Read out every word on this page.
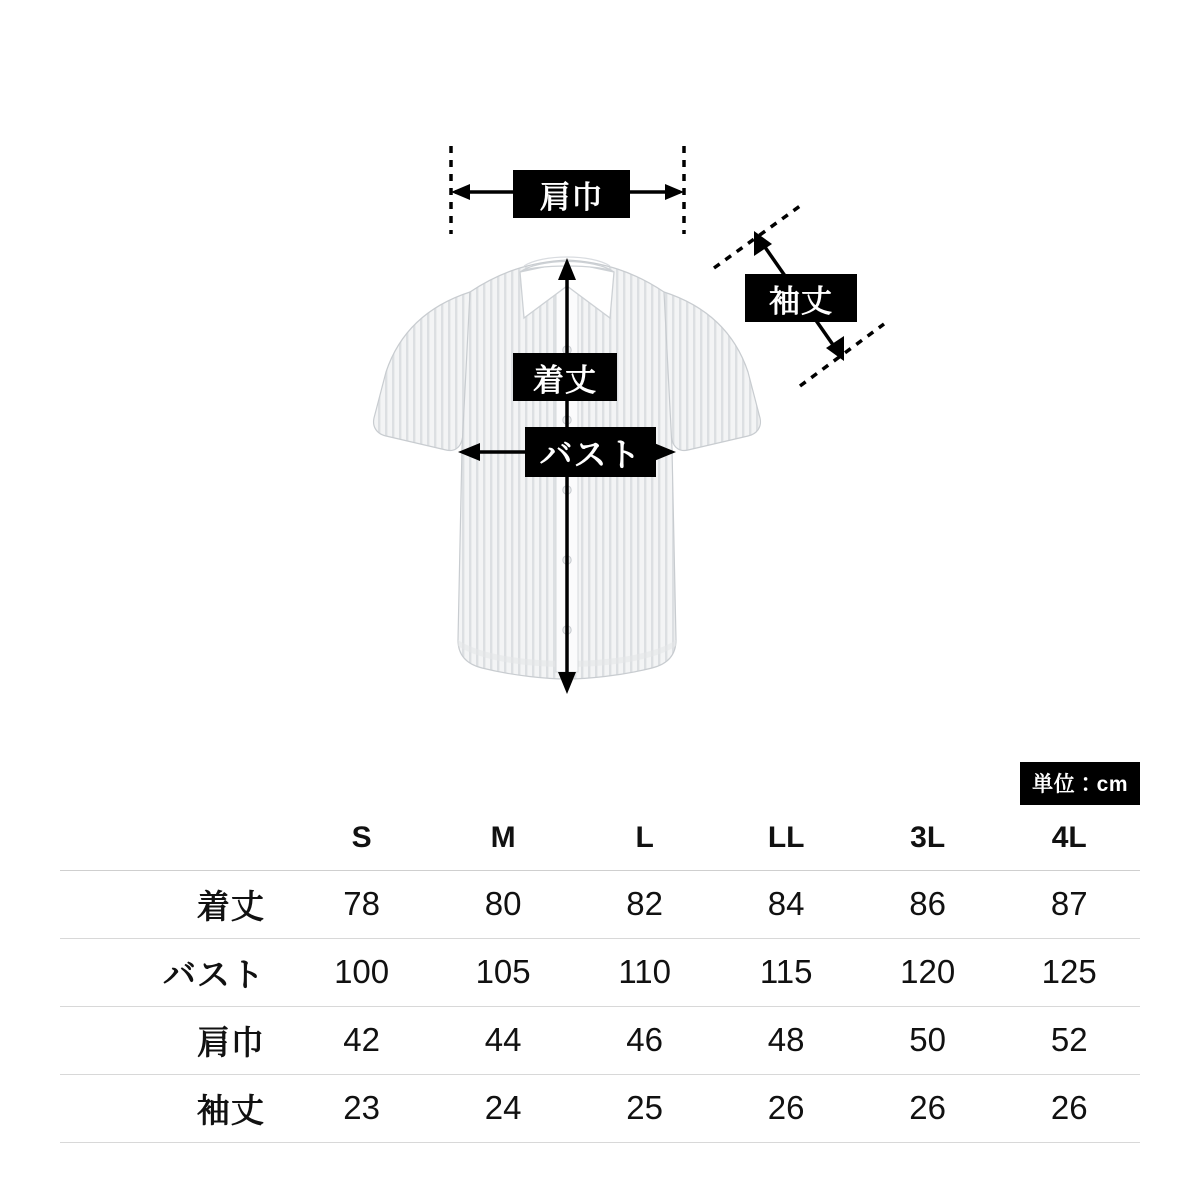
肩巾
着丈
バスト
袖丈
単位：cm
	S	M	L	LL	3L	4L
着丈	78	80	82	84	86	87
バスト	100	105	110	115	120	125
肩巾	42	44	46	48	50	52
袖丈	23	24	25	26	26	26
